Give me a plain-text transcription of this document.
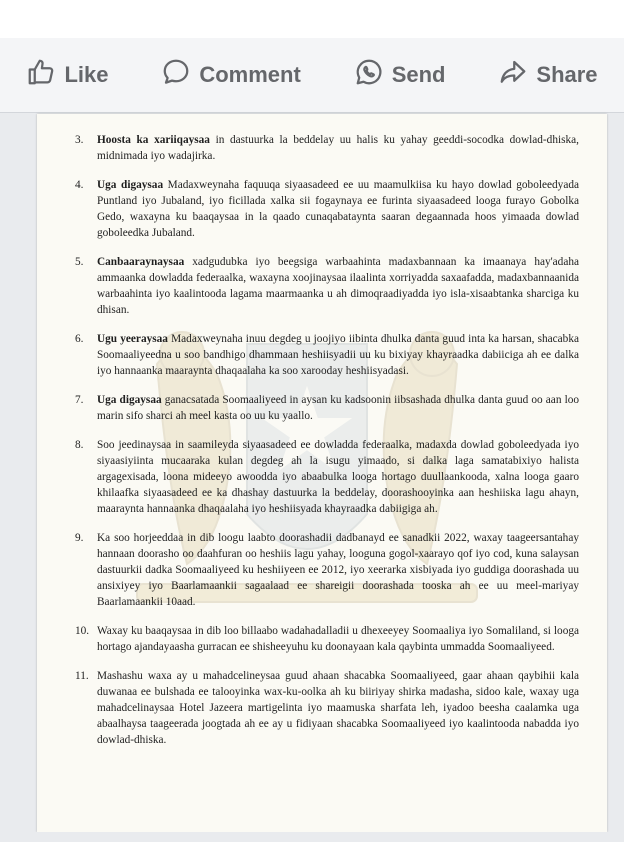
Like	Comment	Send	Share
3. Hoosta ka xariiqaysaa in dastuurka la beddelay uu halis ku yahay geeddi-socodka dowlad-dhiska, midnimada iyo wadajirka.
4. Uga digaysaa Madaxweynaha faquuqa siyaasadeed ee uu maamulkiisa ku hayo dowlad goboleedyada Puntland iyo Jubaland, iyo ficillada xalka sii fogaynaya ee furinta siyaasadeed looga furayo Gobolka Gedo, waxayna ku baaqaysaa in la qaado cunaqabataynta saaran degaannada hoos yimaada dowlad goboleedka Jubaland.
5. Canbaaraynaysaa xadgudubka iyo beegsiga warbaahinta madaxbannaan ka imaanaya hay'adaha ammaanka dowladda federaalka, waxayna xoojinaysaa ilaalinta xorriyadda saxaafadda, madaxbannaanida warbaahinta iyo kaalintooda lagama maarmaanka u ah dimoqraadiyadda iyo isla-xisaabtanka sharciga ku dhisan.
6. Ugu yeeraysaa Madaxweynaha inuu degdeg u joojiyo iibinta dhulka danta guud inta ka harsan, shacabka Soomaaliyeedna u soo bandhigo dhammaan heshiisyadii uu ku bixiyay khayraadka dabiiciga ah ee dalka iyo hannaanka maaraynta dhaqaalaha ka soo xarooday heshiisyadasi.
7. Uga digaysaa ganacsatada Soomaaliyeed in aysan ku kadsoonin iibsashada dhulka danta guud oo aan loo marin sifo sharci ah meel kasta oo uu ku yaallo.
8. Soo jeedinaysaa in saamileyda siyaasadeed ee dowladda federaalka, madaxda dowlad goboleedyada iyo siyaasiyiinta mucaaraka kulan degdeg ah la isugu yimaado, si dalka laga samatabixiyo halista argagexisada, loona mideeyo awoodda iyo abaabulka looga hortago duullaankooda, xalna looga gaaro khilaafka siyaasadeed ee ka dhashay dastuurka la beddelay, doorashooyinka aan heshiiska lagu ahayn, maaraynta hannaanka dhaqaalaha iyo heshiisyada khayraadka dabiigiga ah.
9. Ka soo horjeeddaa in dib loogu laabto doorashadii dadbanayd ee sanadkii 2022, waxay taageersantahay hannaan doorasho oo daahfuran oo heshiis lagu yahay, looguna gogol-xaarayo qof iyo cod, kuna salaysan dastuurkii dadka Soomaaliyeed ku heshiiyeen ee 2012, iyo xeerarka xisbiyada iyo guddiga doorashada uu ansixiyey iyo Baarlamaankii sagaalaad ee shareigii doorashada tooska ah ee uu meel-mariyay Baarlamaankii 10aad.
10. Waxay ku baaqaysaa in dib loo billaabo wadahadalladii u dhexeeyey Soomaaliya iyo Somaliland, si looga hortago ajandayaasha gurracan ee shisheeyuhu ku doonayaan kala qaybinta ummadda Soomaaliyeed.
11. Mashashu waxa ay u mahadcelineysaa guud ahaan shacabka Soomaaliyeed, gaar ahaan qaybihii kala duwanaa ee bulshada ee talooyinka wax-ku-oolka ah ku biiriyay shirka madasha, sidoo kale, waxay uga mahadcelinaysaa Hotel Jazeera martigelinta iyo maamuska sharfata leh, iyadoo beesha caalamka uga abaalhaysa taageerada joogtada ah ee ay u fidiyaan shacabka Soomaaliyeed iyo kaalintooda nabadda iyo dowlad-dhiska.
